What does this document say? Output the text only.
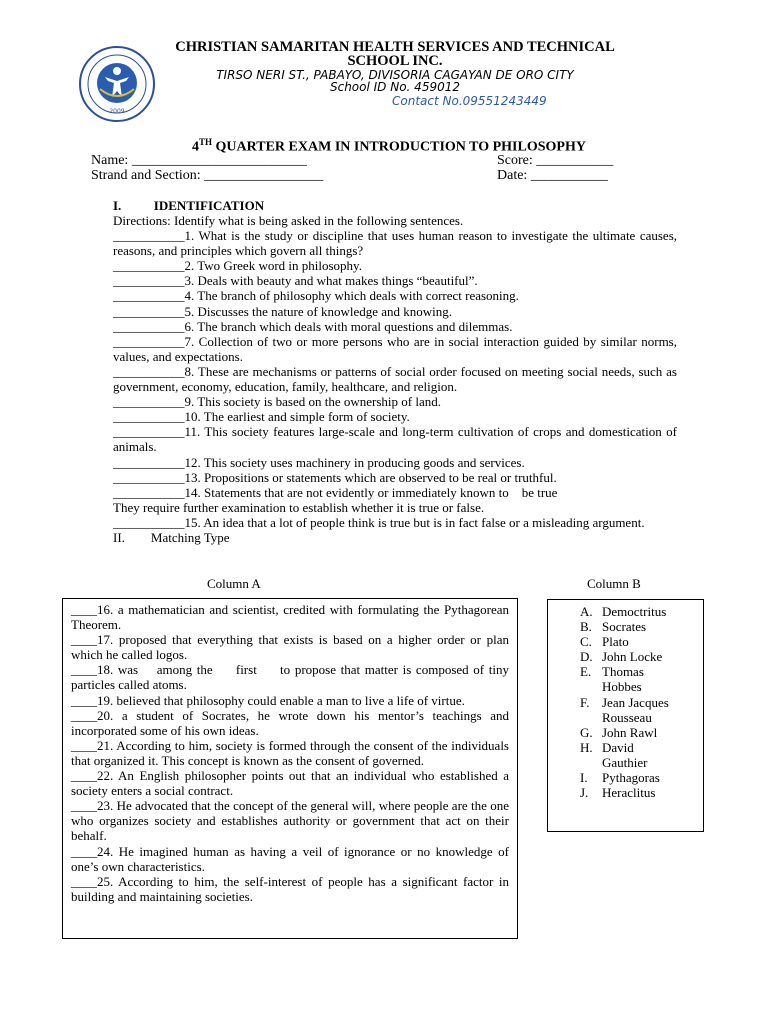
2009
CHRISTIAN SAMARITAN HEALTH SERVICES AND TECHNICAL SCHOOL INC.
TIRSO NERI ST., PABAYO, DIVISORIA CAGAYAN DE ORO CITY
School ID No. 459012
Contact No.09551243449
4TH QUARTER EXAM IN INTRODUCTION TO PHILOSOPHY
Name: _________________________	Score: ___________
Strand and Section: _________________	Date: ___________
I.          IDENTIFICATION

Directions: Identify what is being asked in the following sentences.

___________1. What is the study or discipline that uses human reason to investigate the ultimate causes, reasons, and principles which govern all things?

___________2. Two Greek word in philosophy.

___________3. Deals with beauty and what makes things “beautiful”.

___________4. The branch of philosophy which deals with correct reasoning.

___________5. Discusses the nature of knowledge and knowing.

___________6. The branch which deals with moral questions and dilemmas.

___________7. Collection of two or more persons who are in social interaction guided by similar norms, values, and expectations.

___________8. These are mechanisms or patterns of social order focused on meeting social needs, such as government, economy, education, family, healthcare, and religion.

___________9. This society is based on the ownership of land.

___________10. The earliest and simple form of society.

___________11. This society features large-scale and long-term cultivation of crops and domestication of animals.

___________12. This society uses machinery in producing goods and services.

___________13. Propositions or statements which are observed to be real or truthful.

___________14. Statements that are not evidently or immediately known to    be true

They require further examination to establish whether it is true or false.

___________15. An idea that a lot of people think is true but is in fact false or a misleading argument.

II.        Matching Type

Column A	Column B

____16. a mathematician and scientist, credited with formulating the Pythagorean Theorem.

____17. proposed that everything that exists is based on a higher order or plan which he called logos.

____18. was    among the     first     to propose that matter is composed of tiny particles called atoms.

____19. believed that philosophy could enable a man to live a life of virtue.

____20. a student of Socrates, he wrote down his mentor’s teachings and incorporated some of his own ideas.

____21. According to him, society is formed through the consent of the individuals that organized it. This concept is known as the consent of governed.

____22. An English philosopher points out that an individual who established a society enters a social contract.

____23. He advocated that the concept of the general will, where people are the one who organizes society and establishes authority or government that act on their behalf.

____24. He imagined human as having a veil of ignorance or no knowledge of one’s own characteristics.

____25. According to him, the self-interest of people has a significant factor in building and maintaining societies.

A. Democtritus
B. Socrates
C. Plato
D. John Locke
E. Thomas Hobbes
F. Jean Jacques Rousseau
G. John Rawl
H. David Gauthier
I. Pythagoras
J. Heraclitus
